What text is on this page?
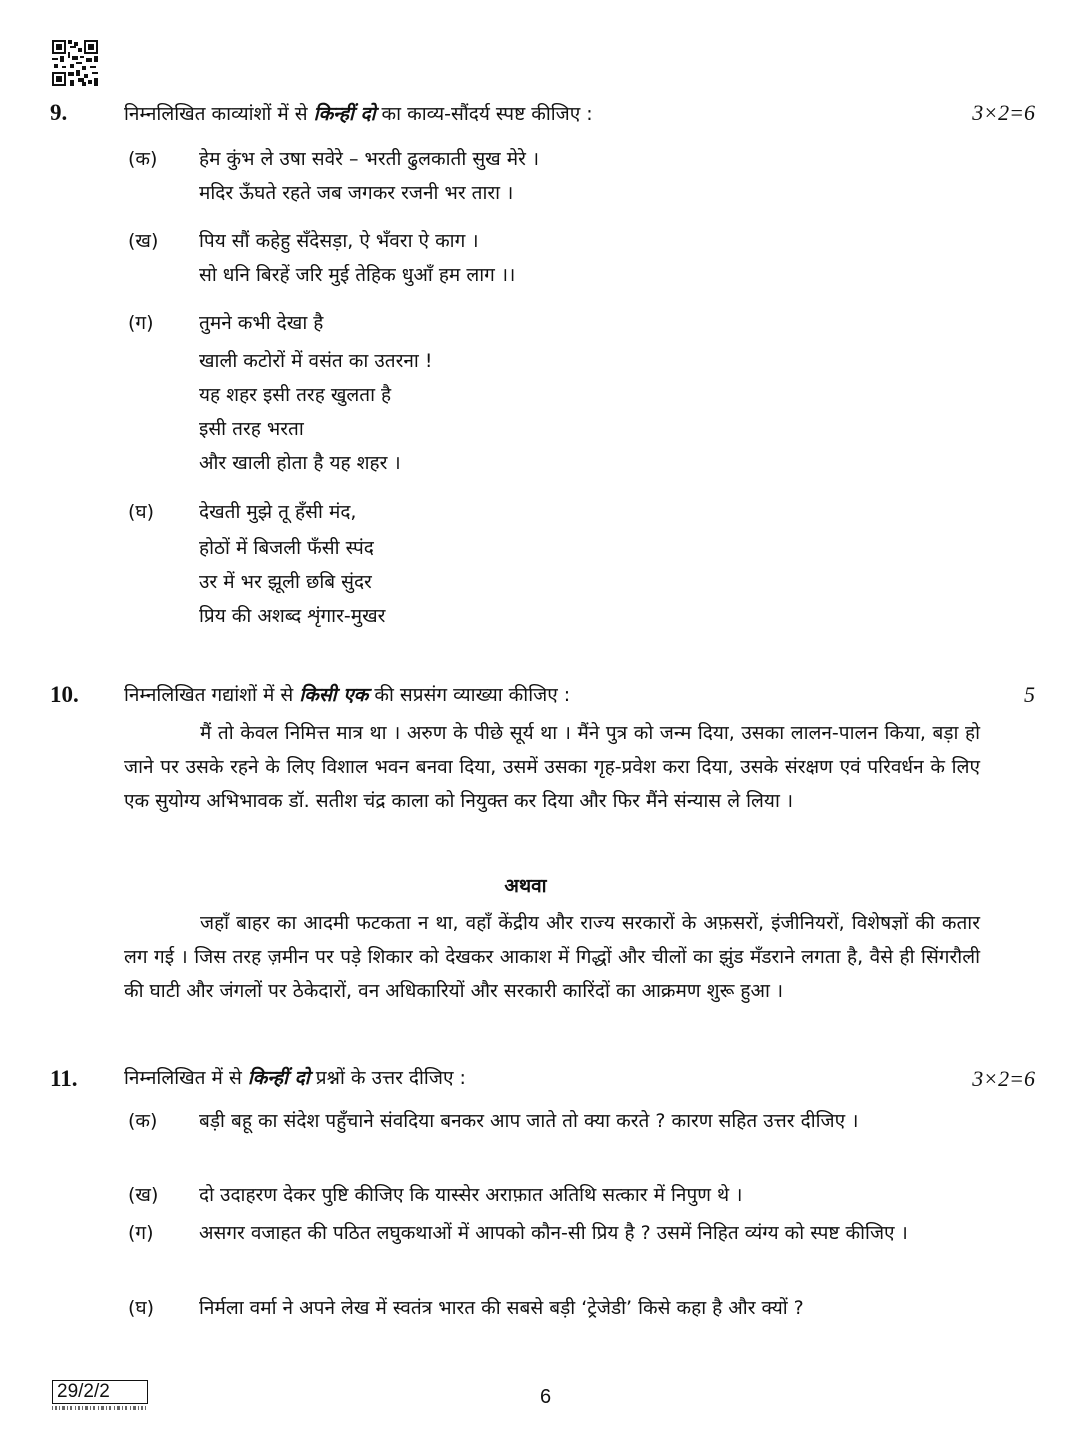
9.	निम्नलिखित काव्यांशों में से किन्हीं दो का काव्य-सौंदर्य स्पष्ट कीजिए :	3×2=6
(क) हेम कुंभ ले उषा सवेरे – भरती ढुलकाती सुख मेरे ।
मदिर ऊँघते रहते जब जगकर रजनी भर तारा ।
(ख) पिय सौं कहेहु सँदेसड़ा, ऐ भँवरा ऐ काग ।
सो धनि बिरहें जरि मुई तेहिक धुआँ हम लाग ।।
(ग) तुमने कभी देखा है
खाली कटोरों में वसंत का उतरना !
यह शहर इसी तरह खुलता है
इसी तरह भरता
और खाली होता है यह शहर ।
(घ) देखती मुझे तू हँसी मंद,
होठों में बिजली फँसी स्पंद
उर में भर झूली छबि सुंदर
प्रिय की अशब्द शृंगार-मुखर
10. निम्नलिखित गद्यांशों में से किसी एक की सप्रसंग व्याख्या कीजिए :	5

मैं तो केवल निमित्त मात्र था । अरुण के पीछे सूर्य था । मैंने पुत्र को जन्म दिया, उसका लालन-पालन किया, बड़ा हो जाने पर उसके रहने के लिए विशाल भवन बनवा दिया, उसमें उसका गृह-प्रवेश करा दिया, उसके संरक्षण एवं परिवर्धन के लिए एक सुयोग्य अभिभावक डॉ. सतीश चंद्र काला को नियुक्त कर दिया और फिर मैंने संन्यास ले लिया ।

अथवा

जहाँ बाहर का आदमी फटकता न था, वहाँ केंद्रीय और राज्य सरकारों के अफ़सरों, इंजीनियरों, विशेषज्ञों की कतार लग गई । जिस तरह ज़मीन पर पड़े शिकार को देखकर आकाश में गिद्धों और चीलों का झुंड मँडराने लगता है, वैसे ही सिंगरौली की घाटी और जंगलों पर ठेकेदारों, वन अधिकारियों और सरकारी कारिंदों का आक्रमण शुरू हुआ ।

11. निम्नलिखित में से किन्हीं दो प्रश्नों के उत्तर दीजिए :	3×2=6
(क) बड़ी बहू का संदेश पहुँचाने संवदिया बनकर आप जाते तो क्या करते ? कारण सहित उत्तर दीजिए ।
(ख) दो उदाहरण देकर पुष्टि कीजिए कि यास्सेर अराफ़ात अतिथि सत्कार में निपुण थे ।
(ग) असगर वजाहत की पठित लघुकथाओं में आपको कौन-सी प्रिय है ? उसमें निहित व्यंग्य को स्पष्ट कीजिए ।
(घ) निर्मला वर्मा ने अपने लेख में स्वतंत्र भारत की सबसे बड़ी ‘ट्रेजेडी’ किसे कहा है और क्यों ?
29/2/2	6
